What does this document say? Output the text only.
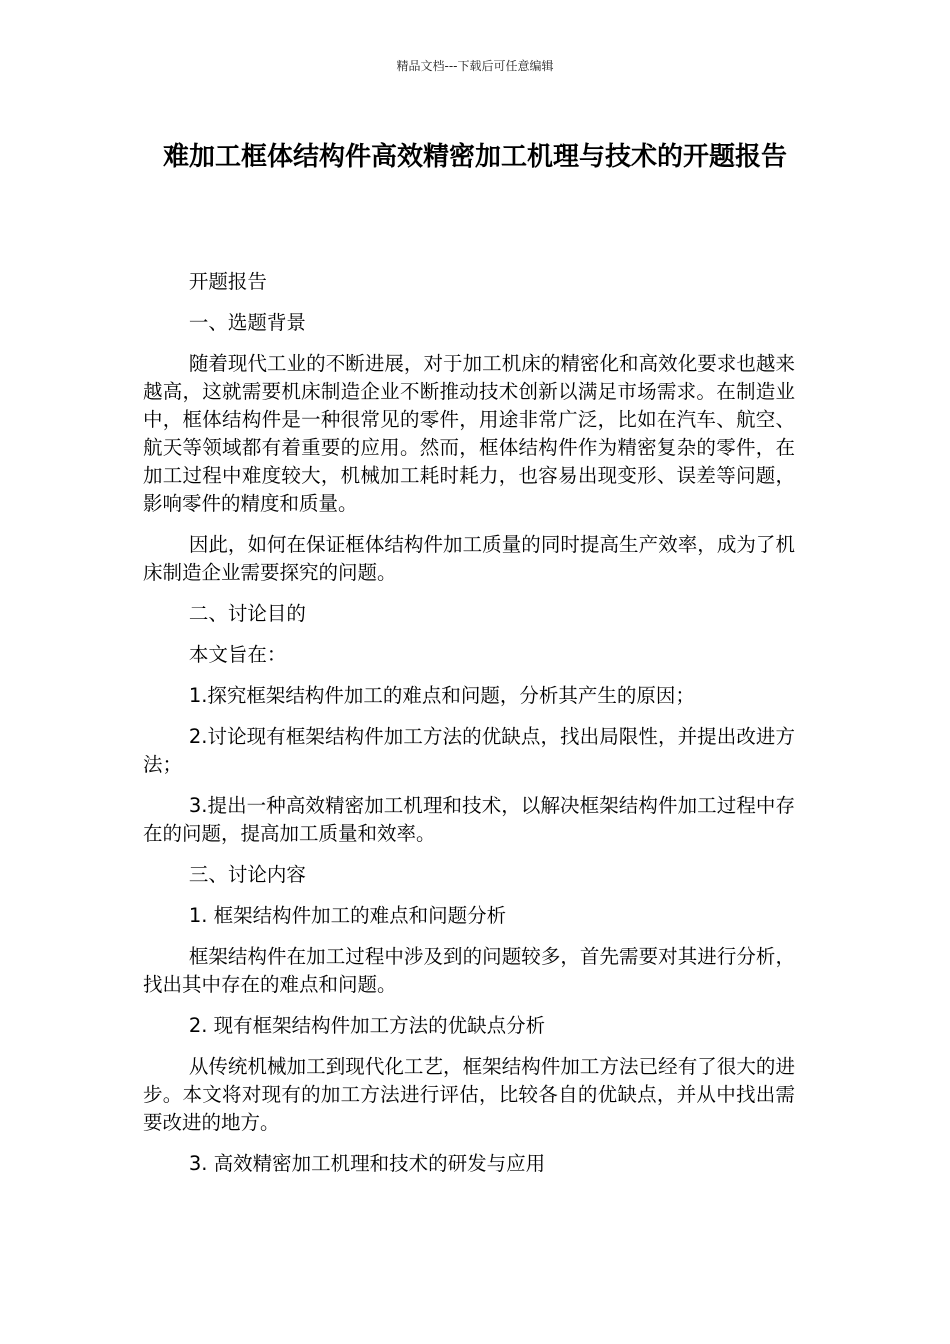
精品文档---下载后可任意编辑
难加工框体结构件高效精密加工机理与技术的开题报告

开题报告

一、选题背景

随着现代工业的不断进展，对于加工机床的精密化和高效化要求也越来越高，这就需要机床制造企业不断推动技术创新以满足市场需求。在制造业中，框体结构件是一种很常见的零件，用途非常广泛，比如在汽车、航空、航天等领域都有着重要的应用。然而，框体结构件作为精密复杂的零件，在加工过程中难度较大，机械加工耗时耗力，也容易出现变形、误差等问题，影响零件的精度和质量。

因此，如何在保证框体结构件加工质量的同时提高生产效率，成为了机床制造企业需要探究的问题。

二、讨论目的

本文旨在：

1.探究框架结构件加工的难点和问题，分析其产生的原因；

2.讨论现有框架结构件加工方法的优缺点，找出局限性，并提出改进方法；

3.提出一种高效精密加工机理和技术，以解决框架结构件加工过程中存在的问题，提高加工质量和效率。

三、讨论内容

1. 框架结构件加工的难点和问题分析

框架结构件在加工过程中涉及到的问题较多，首先需要对其进行分析，找出其中存在的难点和问题。

2. 现有框架结构件加工方法的优缺点分析

从传统机械加工到现代化工艺，框架结构件加工方法已经有了很大的进步。本文将对现有的加工方法进行评估，比较各自的优缺点，并从中找出需要改进的地方。

3. 高效精密加工机理和技术的研发与应用
